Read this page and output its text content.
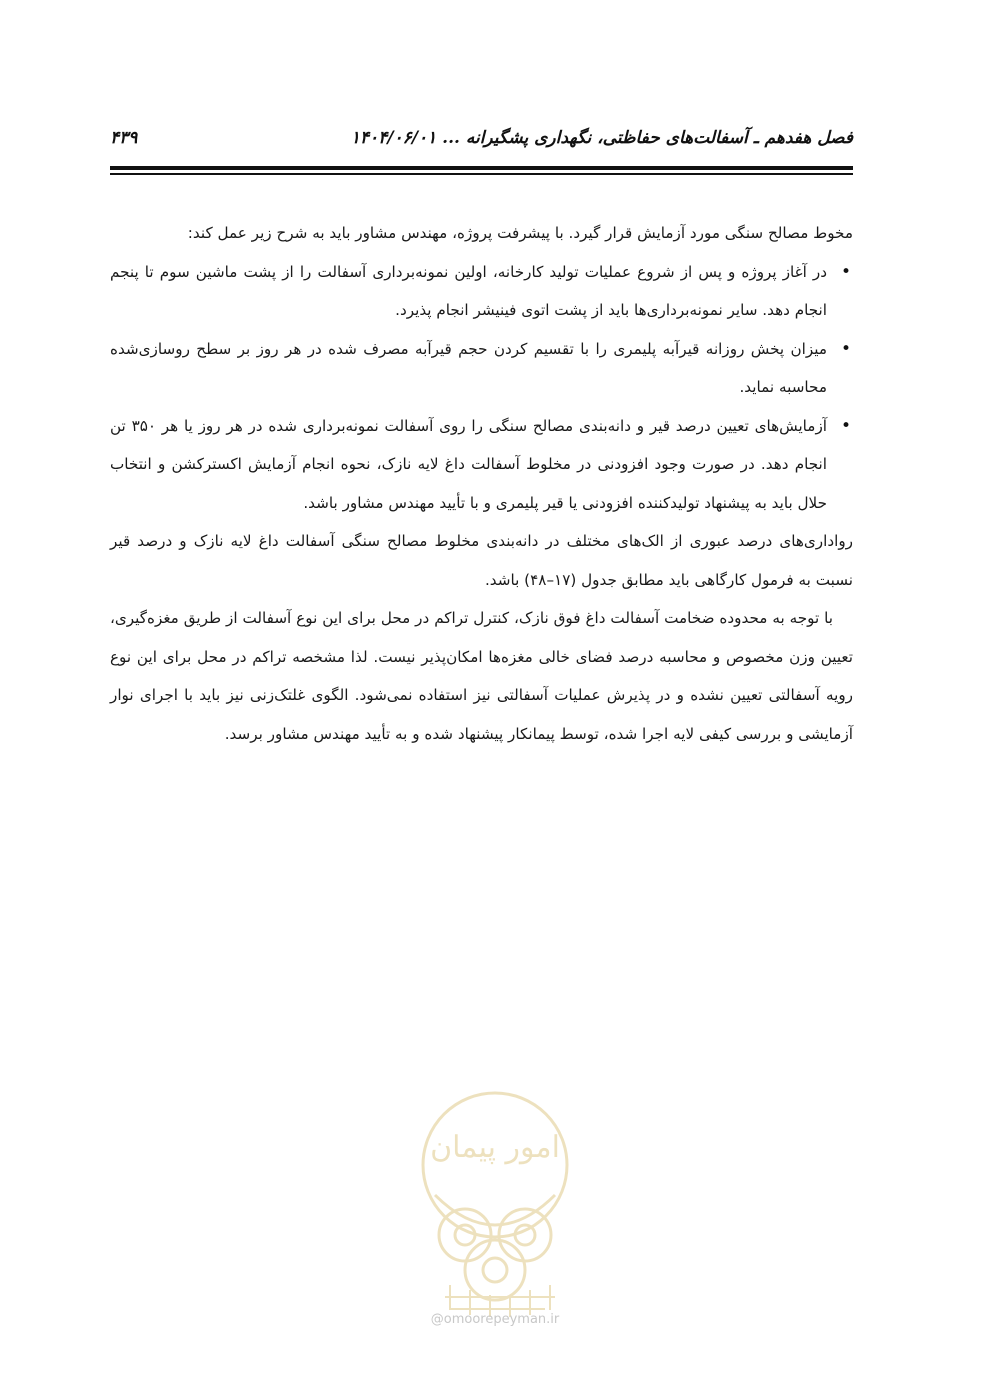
فصل هفدهم ـ آسفالت‌های حفاظتی، نگهداری پشگیرانه ... ۱۴۰۴/۰۶/۰۱
۴۳۹

مخوط مصالح سنگی مورد آزمایش قرار گیرد. با پیشرفت پروژه، مهندس مشاور باید به شرح زیر عمل کند:

• در آغاز پروژه و پس از شروع عملیات تولید کارخانه، اولین نمونه‌برداری آسفالت را از پشت ماشین سوم تا پنجم انجام دهد. سایر نمونه‌برداری‌ها باید از پشت اتوی فینیشر انجام پذیرد.
• میزان پخش روزانه قیرآبه پلیمری را با تقسیم کردن حجم قیرآبه مصرف شده در هر روز بر سطح روسازی‌شده محاسبه نماید.
• آزمایش‌های تعیین درصد قیر و دانه‌بندی مصالح سنگی را روی آسفالت نمونه‌برداری شده در هر روز یا هر ۳۵۰ تن انجام دهد. در صورت وجود افزودنی در مخلوط آسفالت داغ لایه نازک، نحوه انجام آزمایش اکسترکشن و انتخاب حلال باید به پیشنهاد تولیدکننده افزودنی یا قیر پلیمری و با تأیید مهندس مشاور باشد.

رواداری‌های درصد عبوری از الک‌های مختلف در دانه‌بندی مخلوط مصالح سنگی آسفالت داغ لایه نازک و درصد قیر نسبت به فرمول کارگاهی باید مطابق جدول (۱۷–۴۸) باشد.

با توجه به محدوده ضخامت آسفالت داغ فوق نازک، کنترل تراکم در محل برای این نوع آسفالت از طریق مغزه‌گیری، تعیین وزن مخصوص و محاسبه درصد فضای خالی مغزه‌ها امکان‌پذیر نیست. لذا مشخصه تراکم در محل برای این نوع رویه آسفالتی تعیین نشده و در پذیرش عملیات آسفالتی نیز استفاده نمی‌شود. الگوی غلتک‌زنی نیز باید با اجرای نوار آزمایشی و بررسی کیفی لایه اجرا شده، توسط پیمانکار پیشنهاد شده و به تأیید مهندس مشاور برسد.

امور پیمان
@omoorepeyman.ir
